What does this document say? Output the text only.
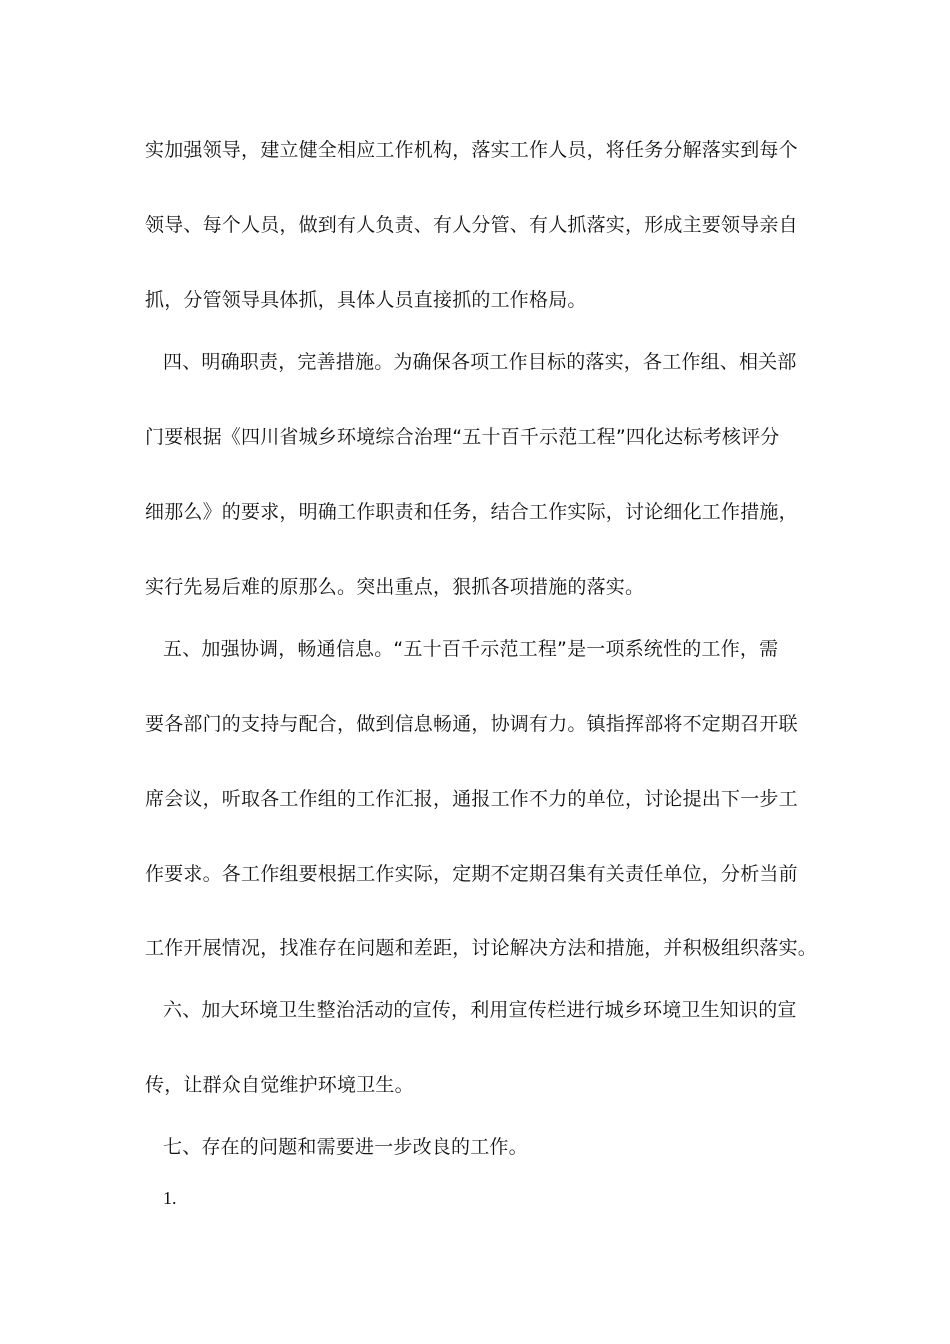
实加强领导，建立健全相应工作机构，落实工作人员，将任务分解落实到每个
领导、每个人员，做到有人负责、有人分管、有人抓落实，形成主要领导亲自
抓，分管领导具体抓，具体人员直接抓的工作格局。
四、明确职责，完善措施。为确保各项工作目标的落实，各工作组、相关部
门要根据《四川省城乡环境综合治理“五十百千示范工程”四化达标考核评分
细那么》的要求，明确工作职责和任务，结合工作实际，讨论细化工作措施，
实行先易后难的原那么。突出重点，狠抓各项措施的落实。
五、加强协调，畅通信息。“五十百千示范工程”是一项系统性的工作，需
要各部门的支持与配合，做到信息畅通，协调有力。镇指挥部将不定期召开联
席会议，听取各工作组的工作汇报，通报工作不力的单位，讨论提出下一步工
作要求。各工作组要根据工作实际，定期不定期召集有关责任单位，分析当前
工作开展情况，找准存在问题和差距，讨论解决方法和措施，并积极组织落实。
六、加大环境卫生整治活动的宣传，利用宣传栏进行城乡环境卫生知识的宣
传，让群众自觉维护环境卫生。
七、存在的问题和需要进一步改良的工作。
1.
